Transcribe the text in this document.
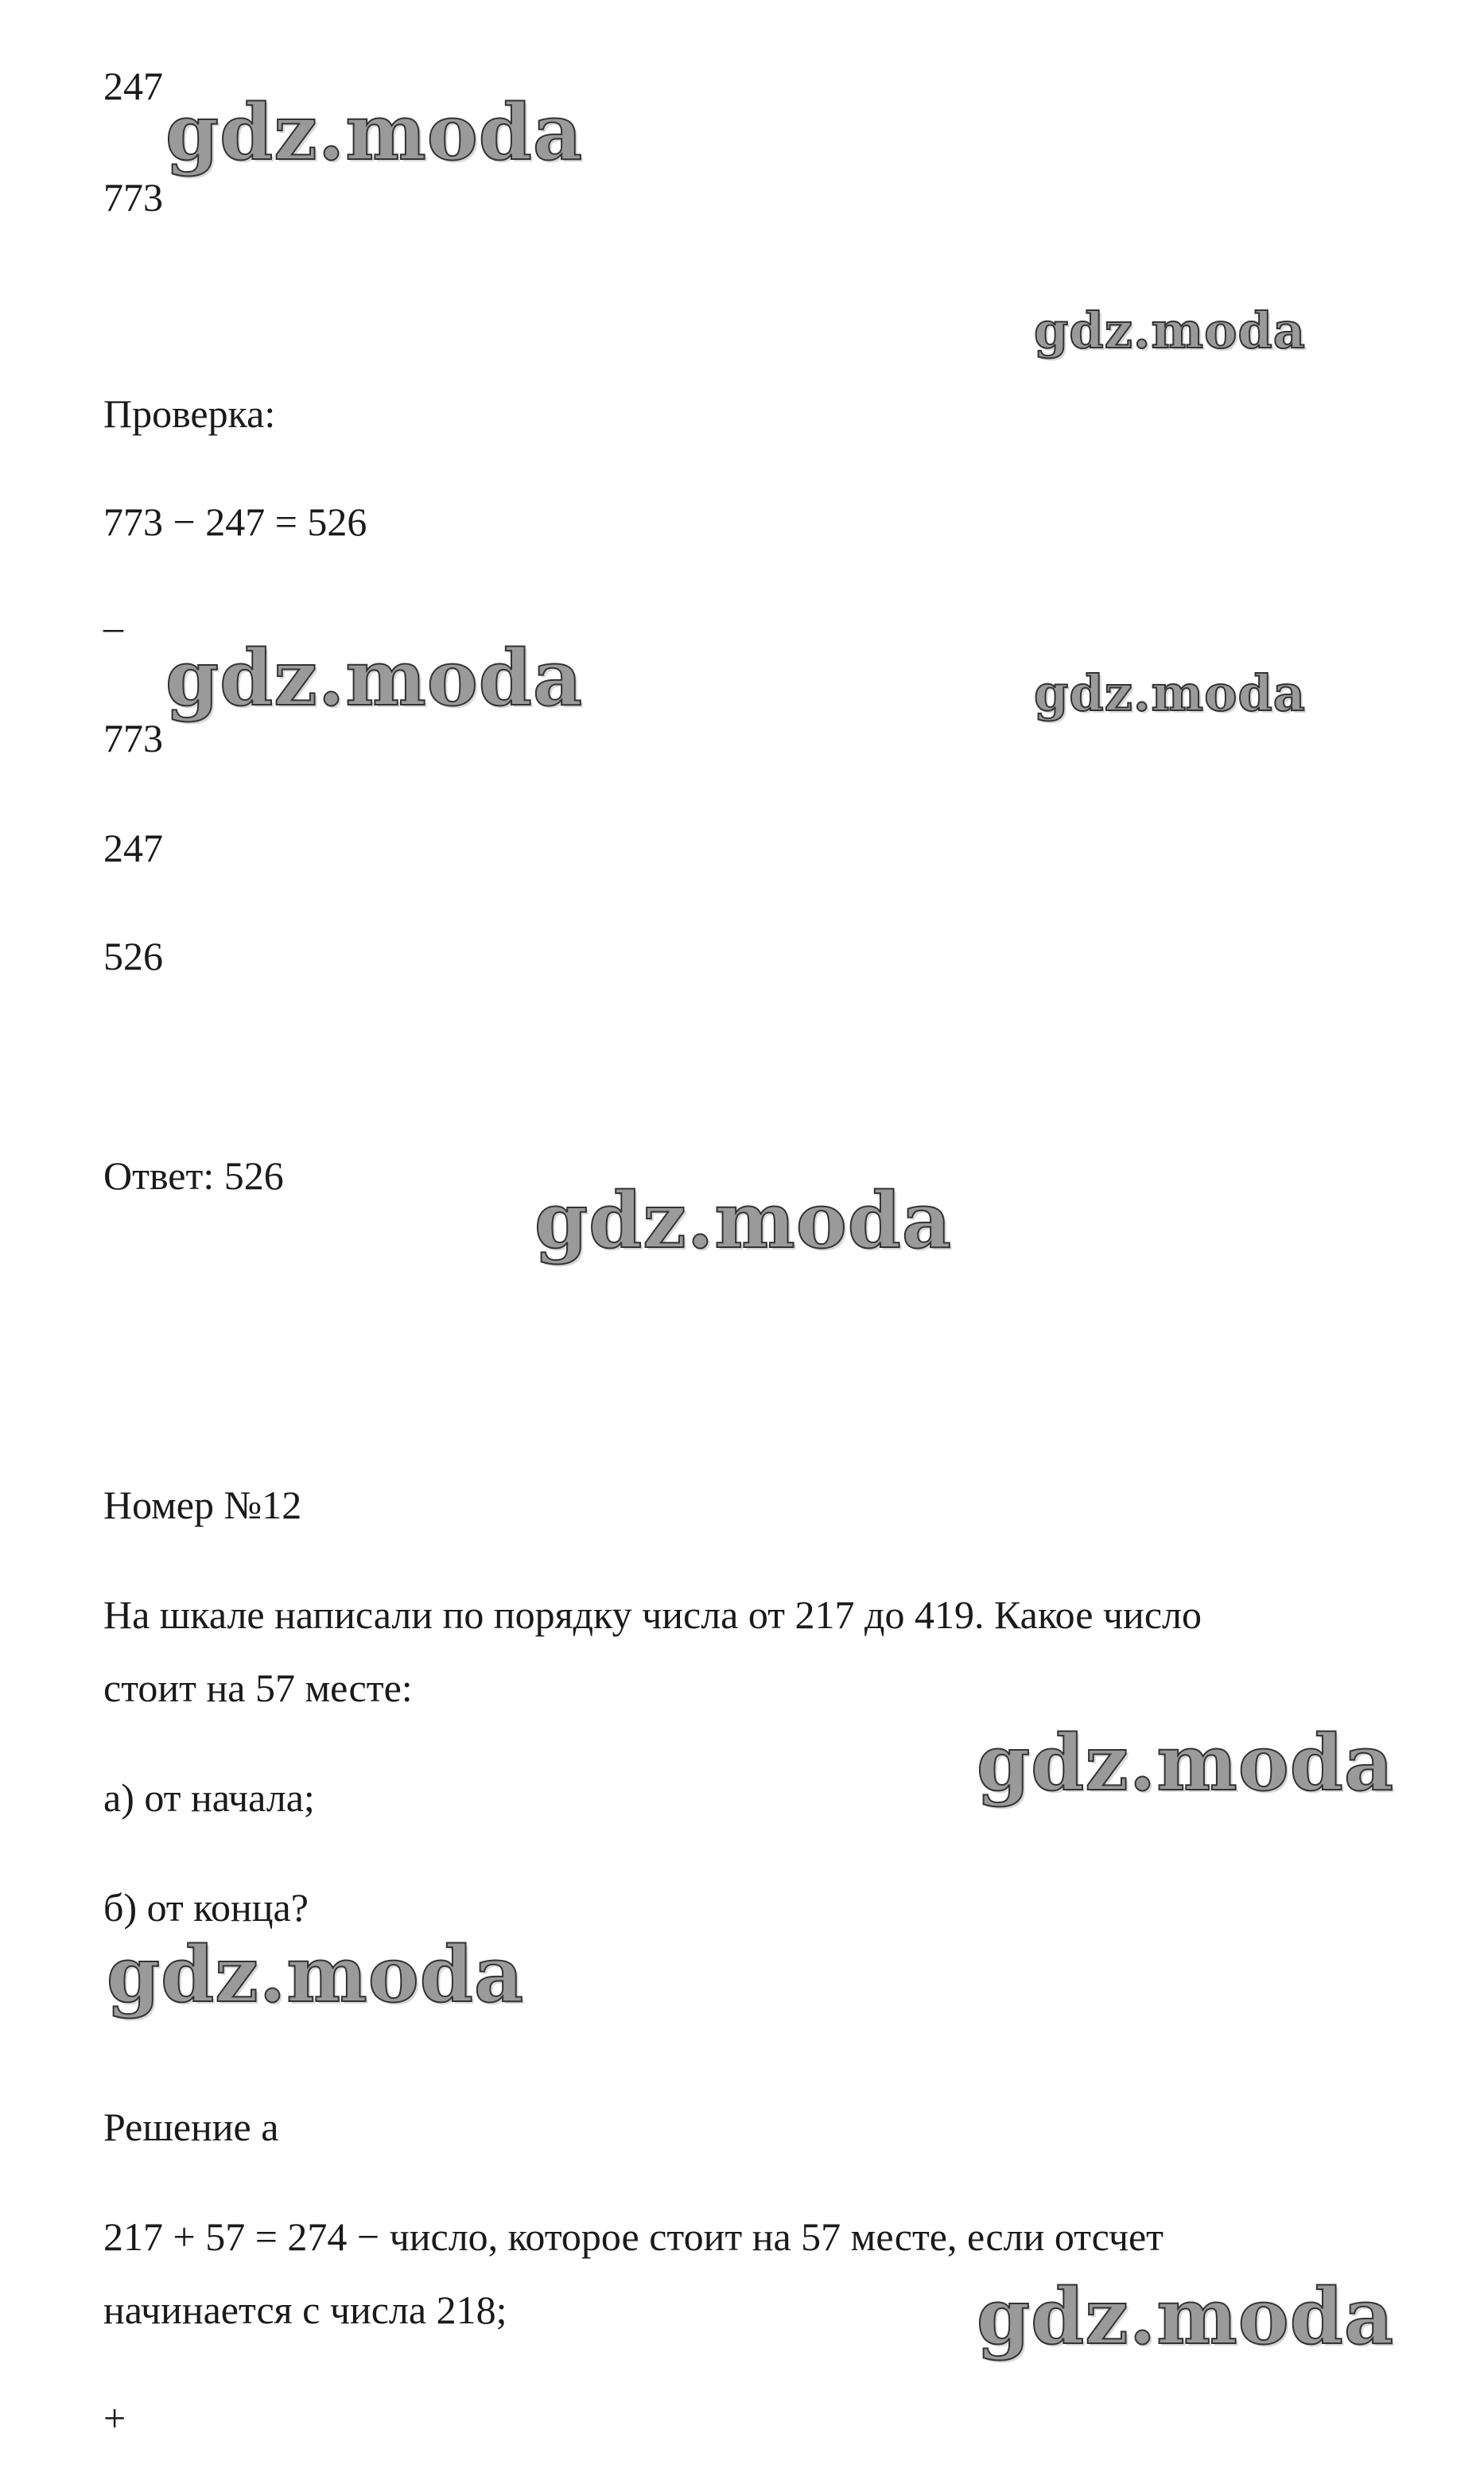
247
773
Проверка:
773 − 247 = 526
–
773
247
526
Ответ: 526
Номер №12
На шкале написали по порядку числа от 217 до 419. Какое число
стоит на 57 месте:
а) от начала;
б) от конца?
Решение а
217 + 57 = 274 − число, которое стоит на 57 месте, если отсчет
начинается с числа 218;
+
gdz.moda
gdz.moda
gdz.moda	gdz.moda
gdz.moda
gdz.moda
gdz.moda
gdz.moda
